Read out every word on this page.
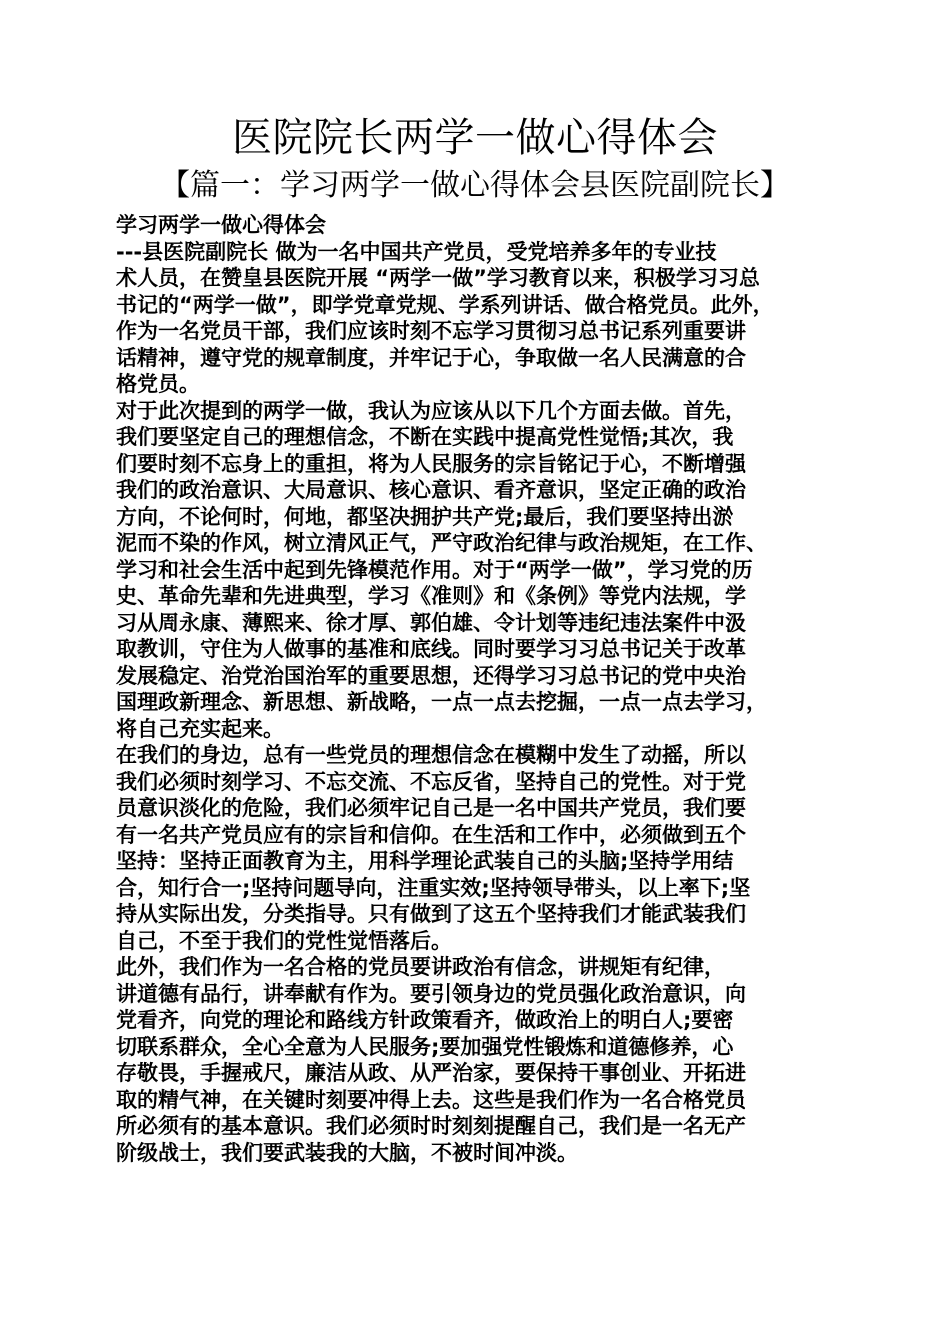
医院院长两学一做心得体会
【篇一：学习两学一做心得体会县医院副院长】
学习两学一做心得体会
---县医院副院长 做为一名中国共产党员，受党培养多年的专业技
术人员，在赞皇县医院开展 “两学一做”学习教育以来，积极学习习总
书记的“两学一做”，即学党章党规、学系列讲话、做合格党员。此外，
作为一名党员干部，我们应该时刻不忘学习贯彻习总书记系列重要讲
话精神，遵守党的规章制度，并牢记于心，争取做一名人民满意的合
格党员。
对于此次提到的两学一做，我认为应该从以下几个方面去做。首先，
我们要坚定自己的理想信念，不断在实践中提高党性觉悟;其次，我
们要时刻不忘身上的重担，将为人民服务的宗旨铭记于心，不断增强
我们的政治意识、大局意识、核心意识、看齐意识，坚定正确的政治
方向，不论何时，何地，都坚决拥护共产党;最后，我们要坚持出淤
泥而不染的作风，树立清风正气，严守政治纪律与政治规矩，在工作、
学习和社会生活中起到先锋模范作用。对于“两学一做”，学习党的历
史、革命先辈和先进典型，学习《准则》和《条例》等党内法规，学
习从周永康、薄熙来、徐才厚、郭伯雄、令计划等违纪违法案件中汲
取教训，守住为人做事的基准和底线。同时要学习习总书记关于改革
发展稳定、治党治国治军的重要思想，还得学习习总书记的党中央治
国理政新理念、新思想、新战略，一点一点去挖掘，一点一点去学习，
将自己充实起来。
在我们的身边，总有一些党员的理想信念在模糊中发生了动摇，所以
我们必须时刻学习、不忘交流、不忘反省，坚持自己的党性。对于党
员意识淡化的危险，我们必须牢记自己是一名中国共产党员，我们要
有一名共产党员应有的宗旨和信仰。在生活和工作中，必须做到五个
坚持：坚持正面教育为主，用科学理论武装自己的头脑;坚持学用结
合，知行合一;坚持问题导向，注重实效;坚持领导带头，以上率下;坚
持从实际出发，分类指导。只有做到了这五个坚持我们才能武装我们
自己，不至于我们的党性觉悟落后。
此外，我们作为一名合格的党员要讲政治有信念，讲规矩有纪律，
讲道德有品行，讲奉献有作为。要引领身边的党员强化政治意识，向
党看齐，向党的理论和路线方针政策看齐，做政治上的明白人;要密
切联系群众，全心全意为人民服务;要加强党性锻炼和道德修养，心
存敬畏，手握戒尺，廉洁从政、从严治家，要保持干事创业、开拓进
取的精气神，在关键时刻要冲得上去。这些是我们作为一名合格党员
所必须有的基本意识。我们必须时时刻刻提醒自己，我们是一名无产
阶级战士，我们要武装我的大脑，不被时间冲淡。
